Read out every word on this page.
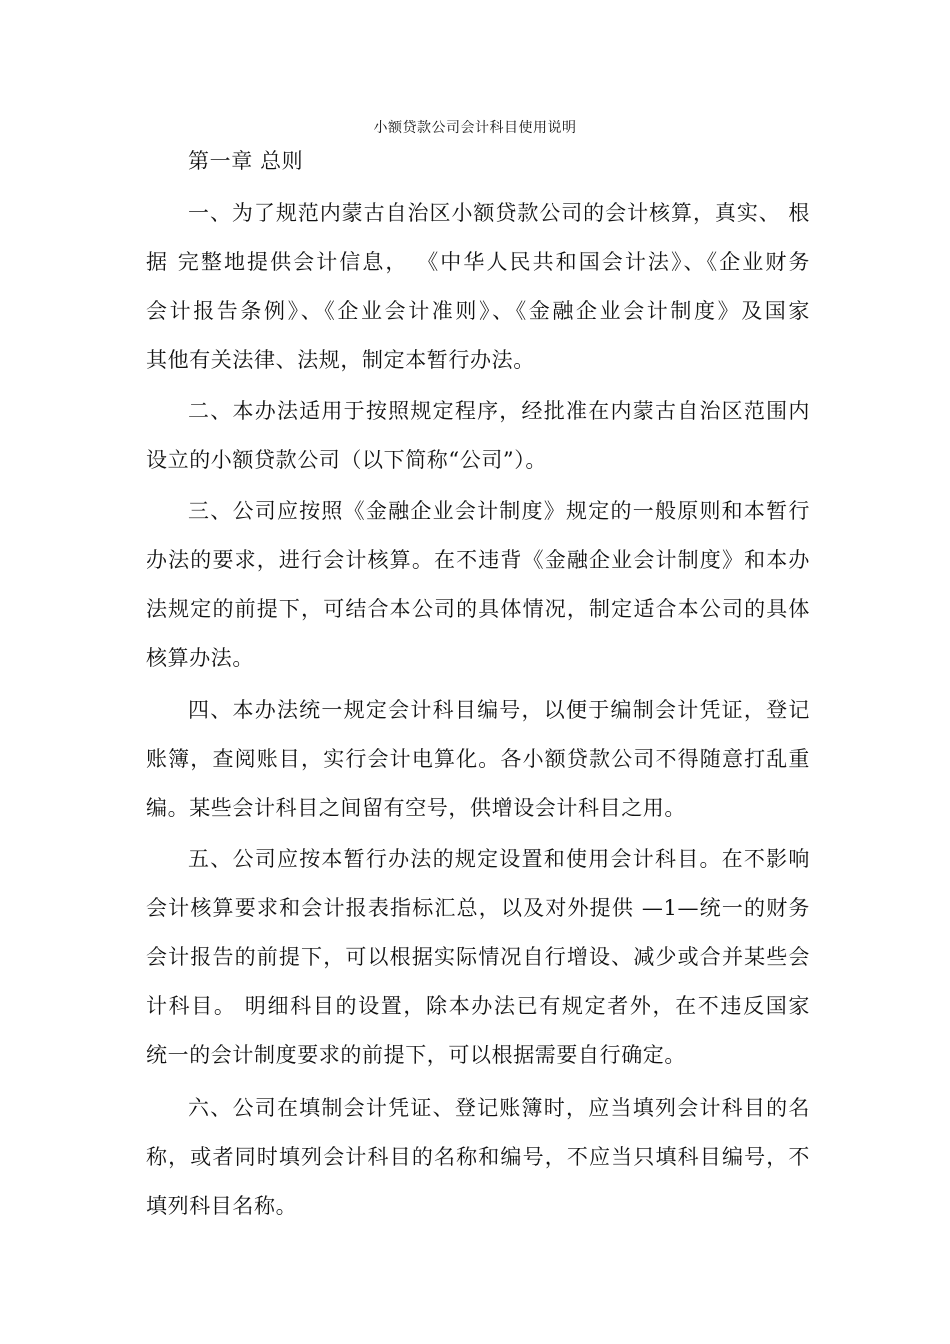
小额贷款公司会计科目使用说明
第一章 总则
一、为了规范内蒙古自治区小额贷款公司的会计核算，真实、 根
据 完整地提供会计信息， 《中华人民共和国会计法》、《企业财务
会计报告条例》、《企业会计准则》、《金融企业会计制度》及国家
其他有关法律、法规，制定本暂行办法。
二、本办法适用于按照规定程序，经批准在内蒙古自治区范围内
设立的小额贷款公司（以下简称“公司”）。
三、公司应按照《金融企业会计制度》规定的一般原则和本暂行
办法的要求，进行会计核算。在不违背《金融企业会计制度》和本办
法规定的前提下，可结合本公司的具体情况，制定适合本公司的具体
核算办法。
四、本办法统一规定会计科目编号，以便于编制会计凭证，登记
账簿，查阅账目，实行会计电算化。各小额贷款公司不得随意打乱重
编。某些会计科目之间留有空号，供增设会计科目之用。
五、公司应按本暂行办法的规定设置和使用会计科目。在不影响
会计核算要求和会计报表指标汇总，以及对外提供 —1—统一的财务
会计报告的前提下，可以根据实际情况自行增设、减少或合并某些会
计科目。 明细科目的设置，除本办法已有规定者外，在不违反国家
统一的会计制度要求的前提下，可以根据需要自行确定。
六、公司在填制会计凭证、登记账簿时，应当填列会计科目的名
称，或者同时填列会计科目的名称和编号，不应当只填科目编号，不
填列科目名称。
